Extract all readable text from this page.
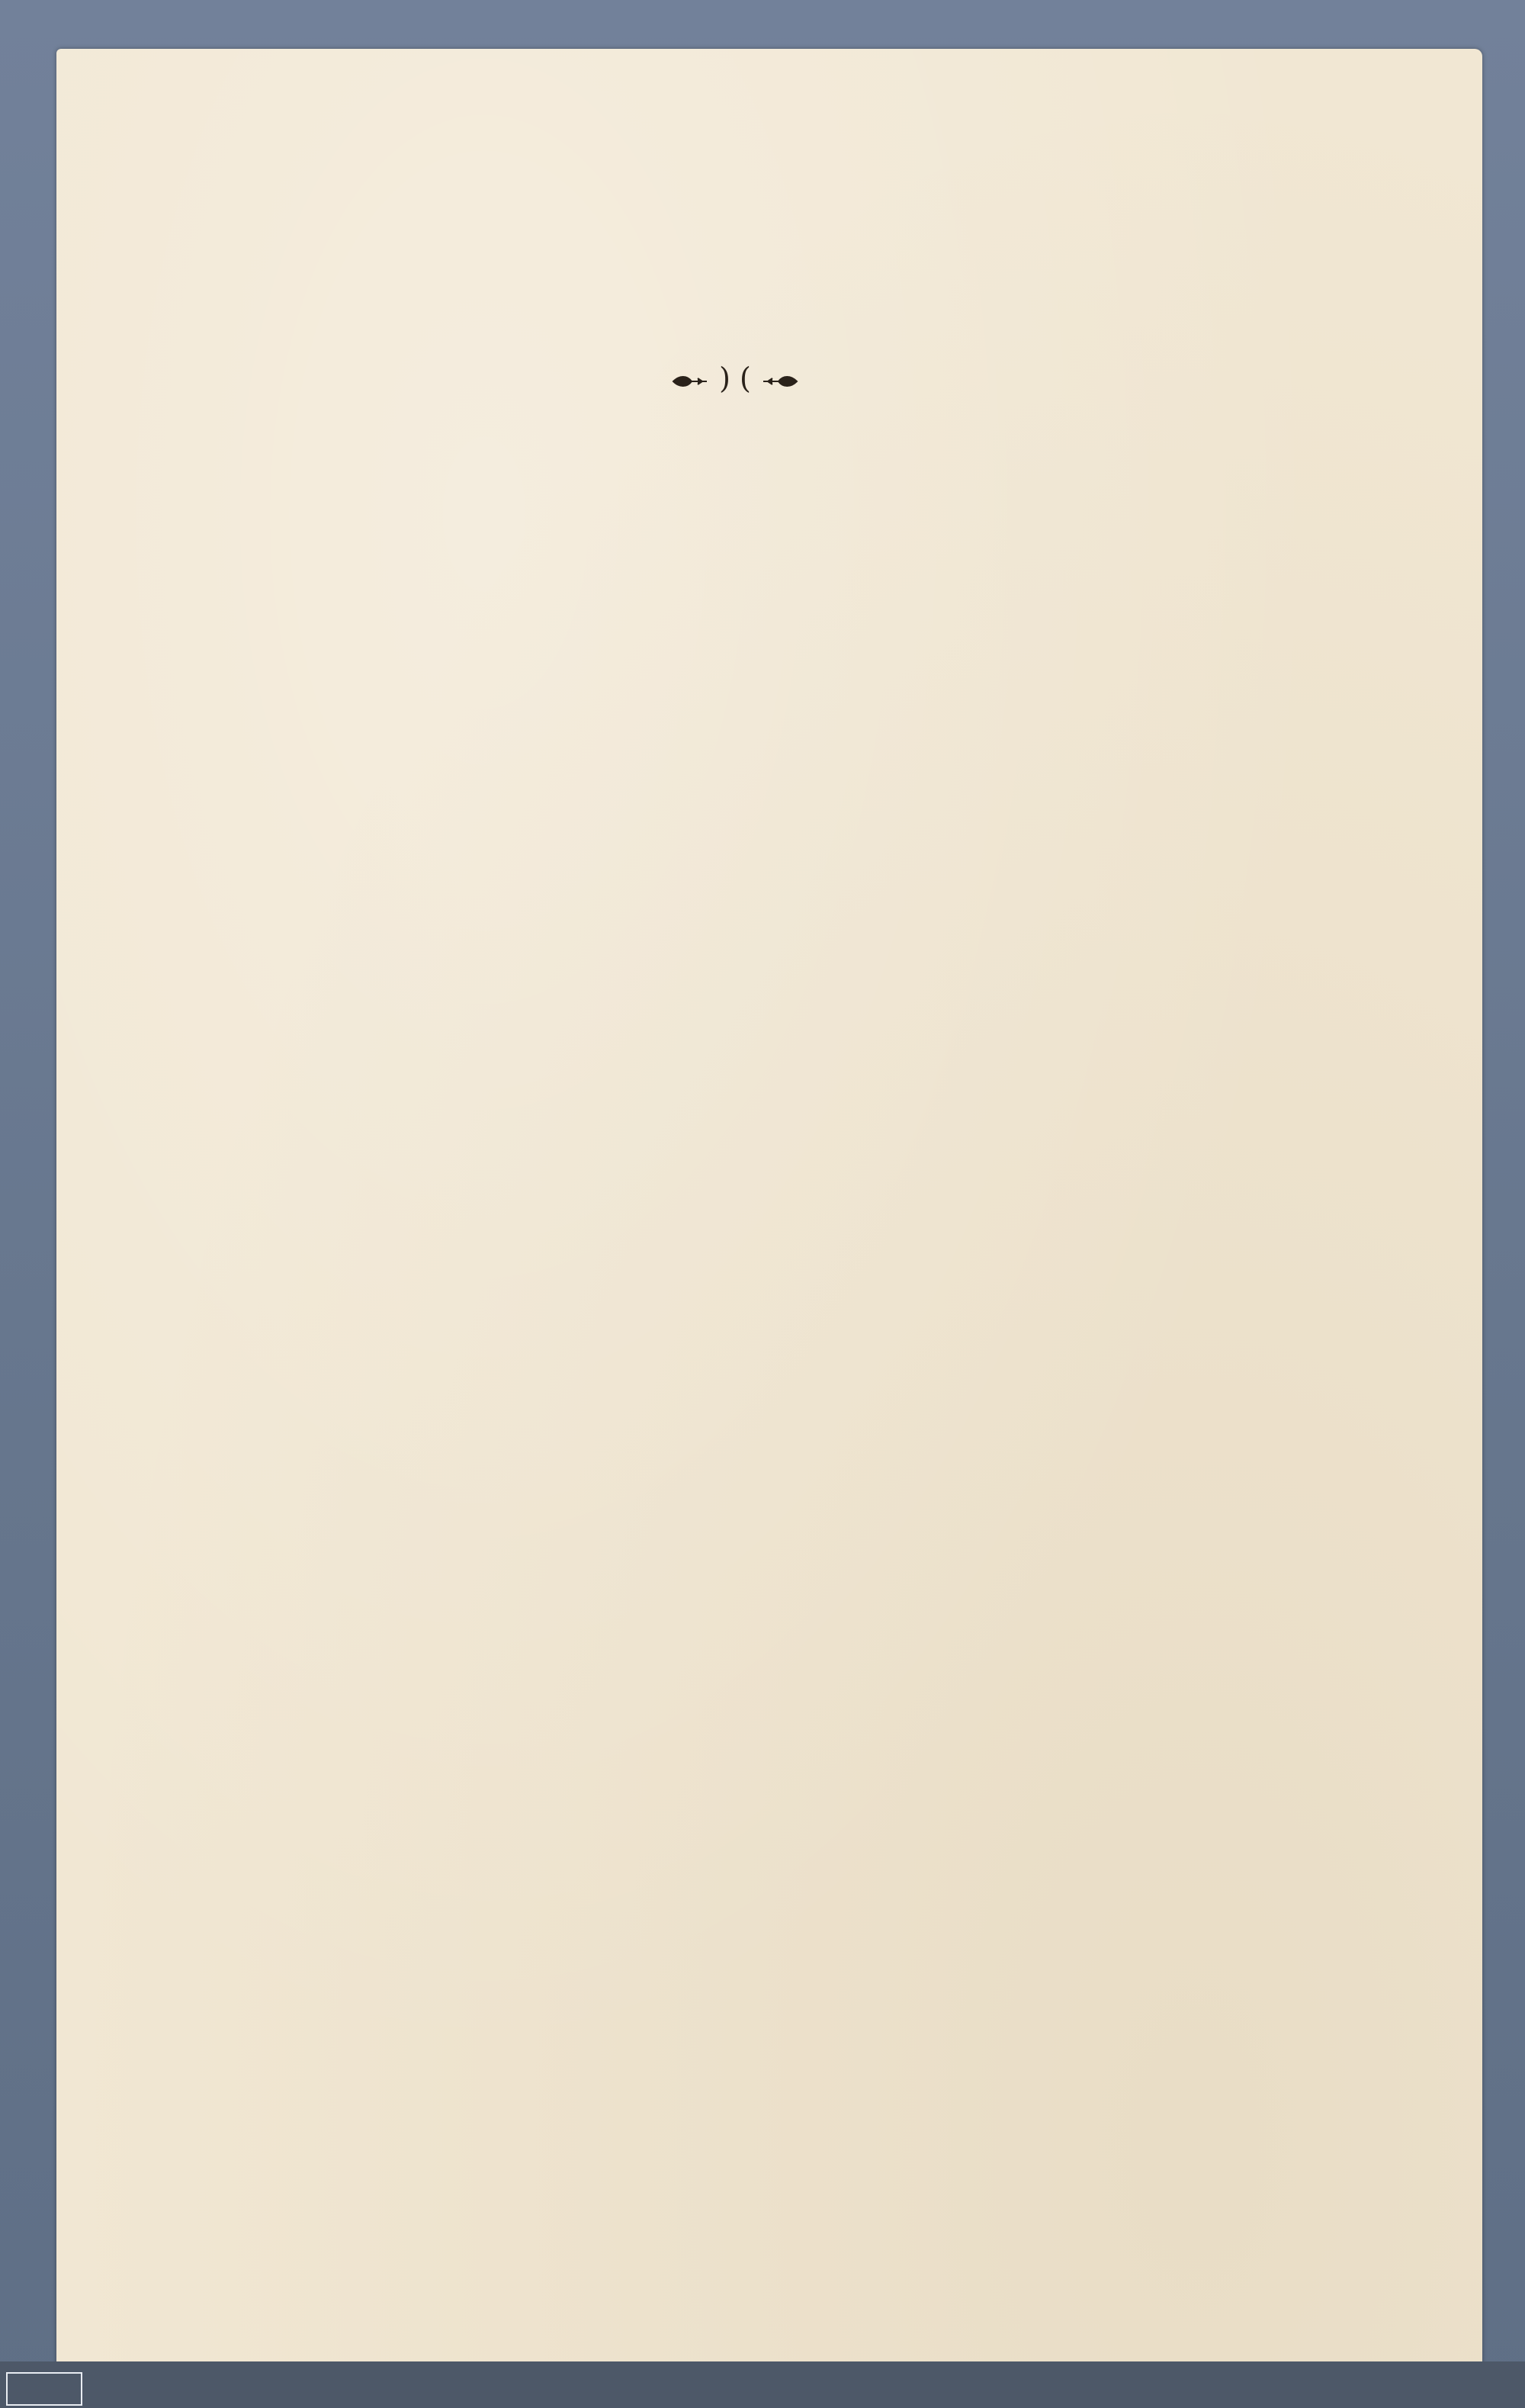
) (
